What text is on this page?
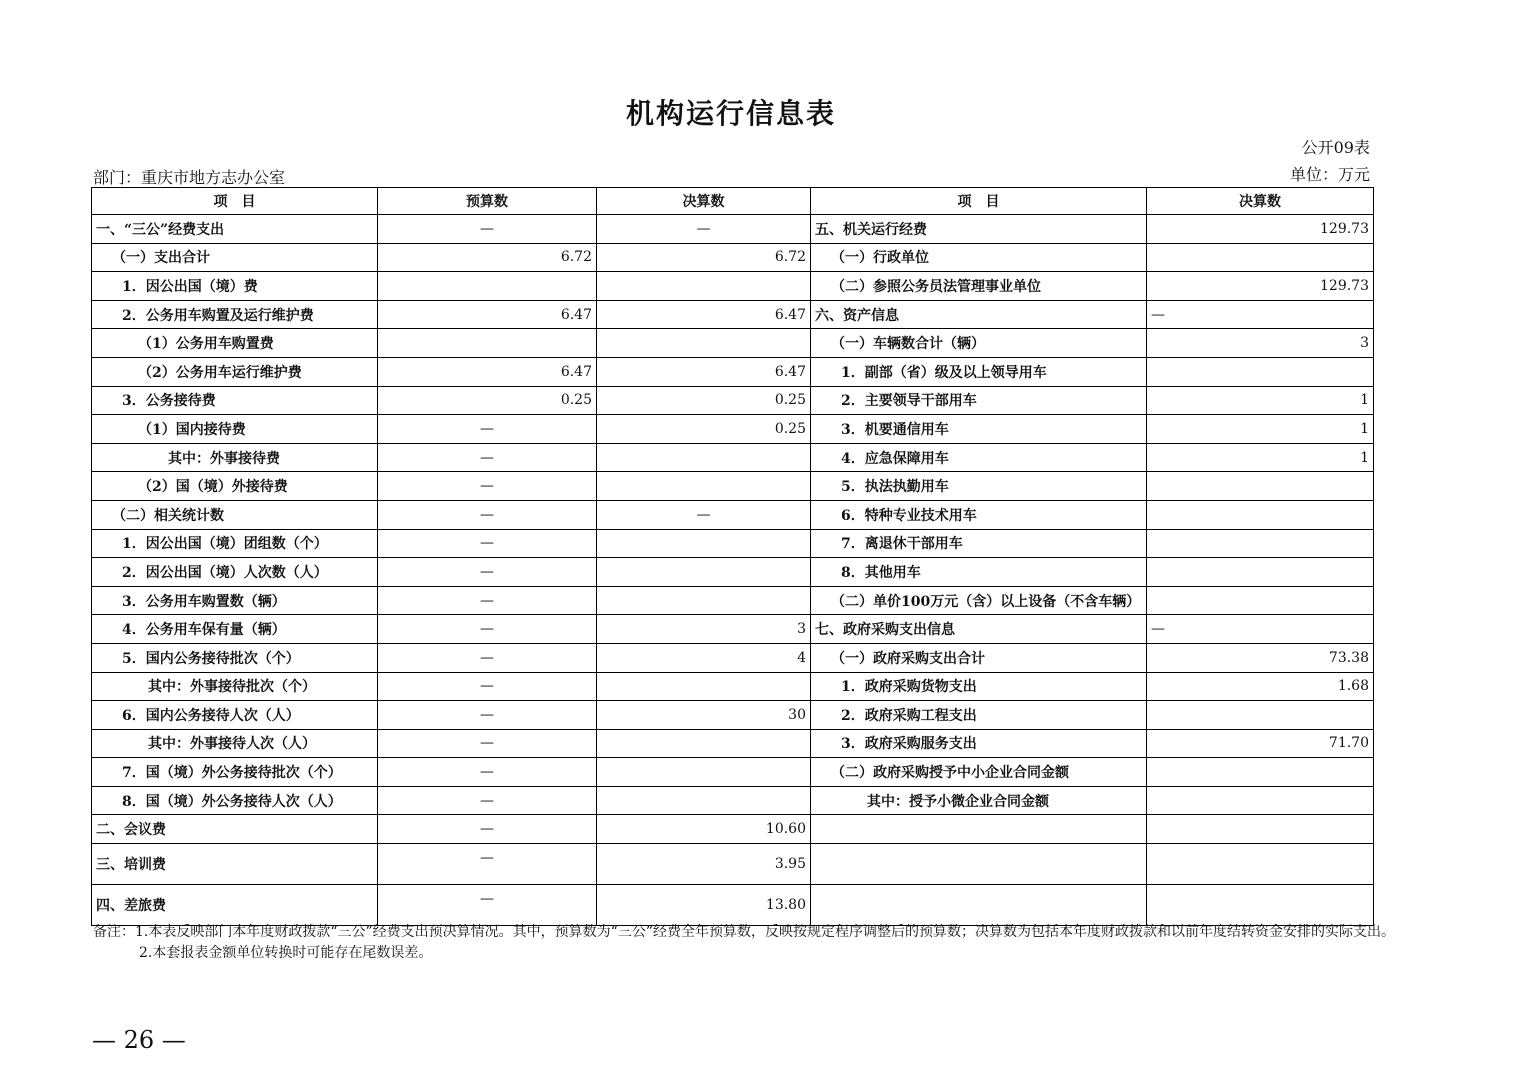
机构运行信息表
公开09表
单位：万元
部门：重庆市地方志办公室
项　目	预算数	决算数	项　目	决算数
一、“三公”经费支出	—	—	五、机关运行经费	129.73
（一）支出合计	6.72	6.72	（一）行政单位	
1．因公出国（境）费			（二）参照公务员法管理事业单位	129.73
2．公务用车购置及运行维护费	6.47	6.47	六、资产信息	—
（1）公务用车购置费			（一）车辆数合计（辆）	3
（2）公务用车运行维护费	6.47	6.47	1．副部（省）级及以上领导用车	
3．公务接待费	0.25	0.25	2．主要领导干部用车	1
（1）国内接待费	—	0.25	3．机要通信用车	1
其中：外事接待费	—		4．应急保障用车	1
（2）国（境）外接待费	—		5．执法执勤用车	
（二）相关统计数	—	—	6．特种专业技术用车	
1．因公出国（境）团组数（个）	—		7．离退休干部用车	
2．因公出国（境）人次数（人）	—		8．其他用车	
3．公务用车购置数（辆）	—		（二）单价100万元（含）以上设备（不含车辆）	
4．公务用车保有量（辆）	—	3	七、政府采购支出信息	—
5．国内公务接待批次（个）	—	4	（一）政府采购支出合计	73.38
其中：外事接待批次（个）	—		1．政府采购货物支出	1.68
6．国内公务接待人次（人）	—	30	2．政府采购工程支出	
其中：外事接待人次（人）	—		3．政府采购服务支出	71.70
7．国（境）外公务接待批次（个）	—		（二）政府采购授予中小企业合同金额	
8．国（境）外公务接待人次（人）	—		其中：授予小微企业合同金额	
二、会议费	—	10.60		
三、培训费	—	3.95		
四、差旅费	—	13.80		
备注：1.本表反映部门本年度财政拨款“三公”经费支出预决算情况。其中，预算数为“三公”经费全年预算数，反映按规定程序调整后的预算数；决算数为包括本年度财政拨款和以前年度结转资金安排的实际支出。
2.本套报表金额单位转换时可能存在尾数误差。
— 26 —
